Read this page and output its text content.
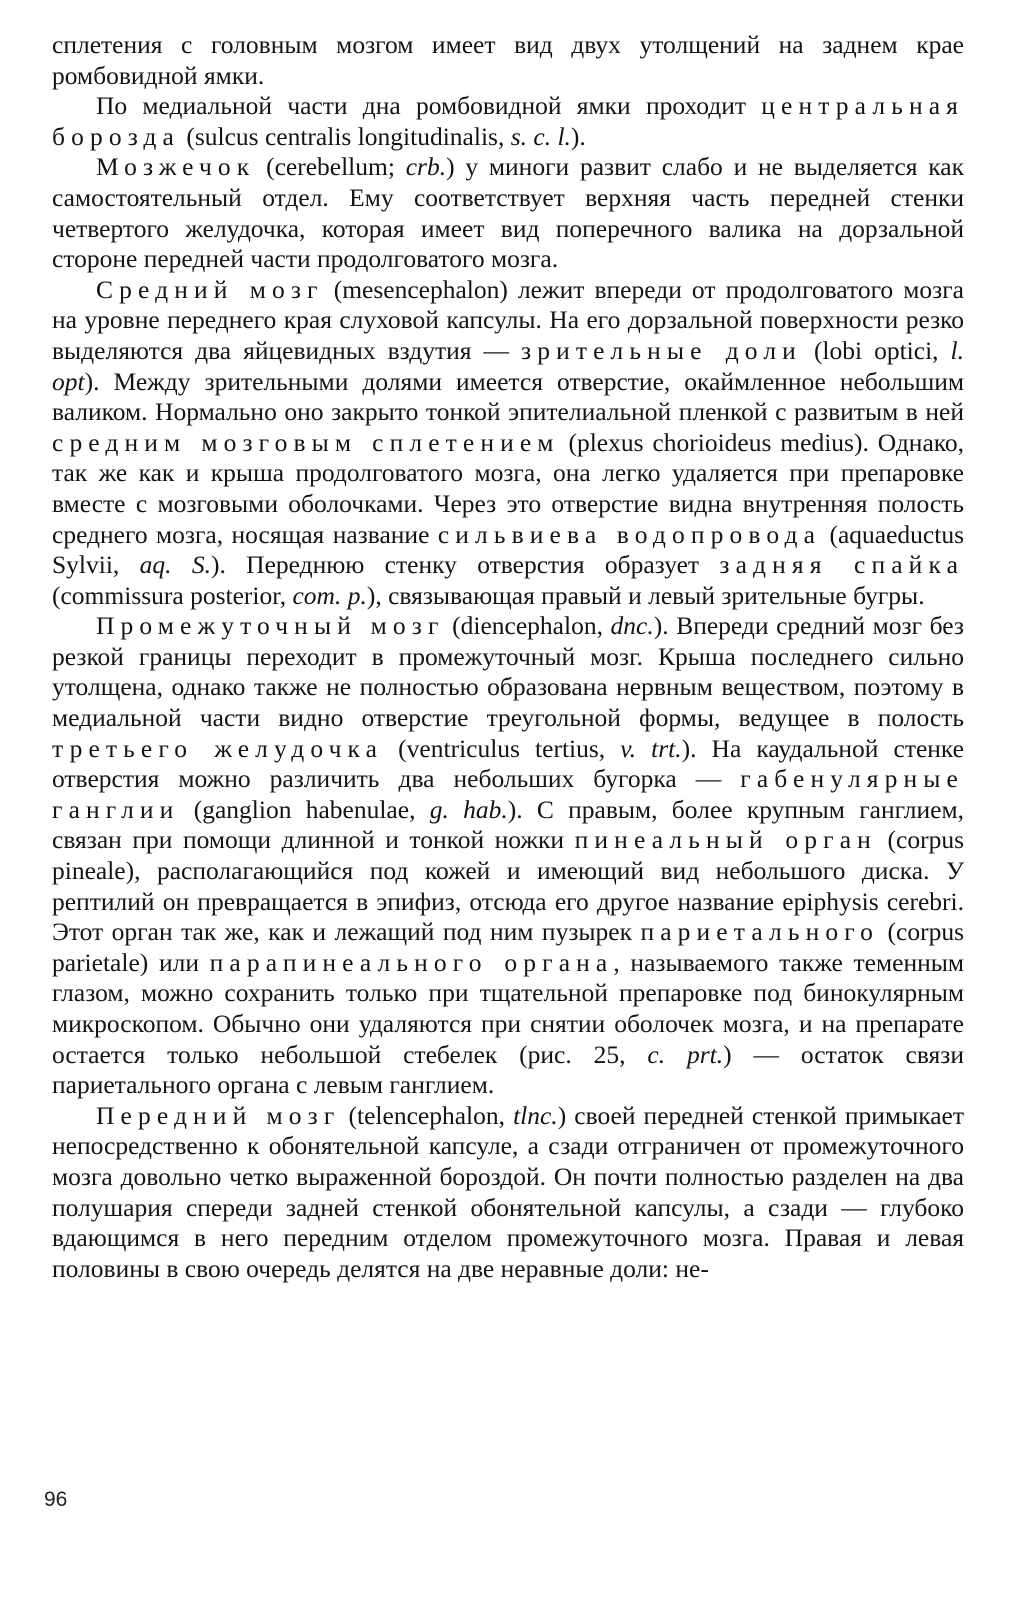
сплетения с головным мозгом имеет вид двух утолщений на заднем крае ромбовидной ямки.

По медиальной части дна ромбовидной ямки проходит центральная борозда (sulcus centralis longitudinalis, s. c. l.).

Мозжечок (cerebellum; crb.) у миноги развит слабо и не выделяется как самостоятельный отдел. Ему соответствует верхняя часть передней стенки четвертого желудочка, которая имеет вид поперечного валика на дорзальной стороне передней части продолговатого мозга.

Средний мозг (mesencephalon) лежит впереди от продолговатого мозга на уровне переднего края слуховой капсулы. На его дорзальной поверхности резко выделяются два яйцевидных вздутия — зрительные доли (lobi optici, l. opt). Между зрительными долями имеется отверстие, окаймленное небольшим валиком. Нормально оно закрыто тонкой эпителиальной пленкой с развитым в ней средним мозговым сплетением (plexus chorioideus medius). Однако, так же как и крыша продолговатого мозга, она легко удаляется при препаровке вместе с мозговыми оболочками. Через это отверстие видна внутренняя полость среднего мозга, носящая название сильвиева водопровода (aquaeductus Sylvii, aq. S.). Переднюю стенку отверстия образует задняя спайка (commissura posterior, com. p.), связывающая правый и левый зрительные бугры.

Промежуточный мозг (diencephalon, dnc.). Впереди средний мозг без резкой границы переходит в промежуточный мозг. Крыша последнего сильно утолщена, однако также не полностью образована нервным веществом, поэтому в медиальной части видно отверстие треугольной формы, ведущее в полость третьего желудочка (ventriculus tertius, v. trt.). На каудальной стенке отверстия можно различить два небольших бугорка — габенулярные ганглии (ganglion habenulae, g. hab.). С правым, более крупным ганглием, связан при помощи длинной и тонкой ножки пинеальный орган (corpus pineale), располагающийся под кожей и имеющий вид небольшого диска. У рептилий он превращается в эпифиз, отсюда его другое название epiphysis cerebri. Этот орган так же, как и лежащий под ним пузырек париетального (corpus parietale) или парапинеального органа, называемого также теменным глазом, можно сохранить только при тщательной препаровке под бинокулярным микроскопом. Обычно они удаляются при снятии оболочек мозга, и на препарате остается только небольшой стебелек (рис. 25, c. prt.) — остаток связи париетального органа с левым ганглием.

Передний мозг (telencephalon, tlnc.) своей передней стенкой примыкает непосредственно к обонятельной капсуле, а сзади отграничен от промежуточного мозга довольно четко выраженной бороздой. Он почти полностью разделен на два полушария спереди задней стенкой обонятельной капсулы, а сзади — глубоко вдающимся в него передним отделом промежуточного мозга. Правая и левая половины в свою очередь делятся на две неравные доли: не-

96
